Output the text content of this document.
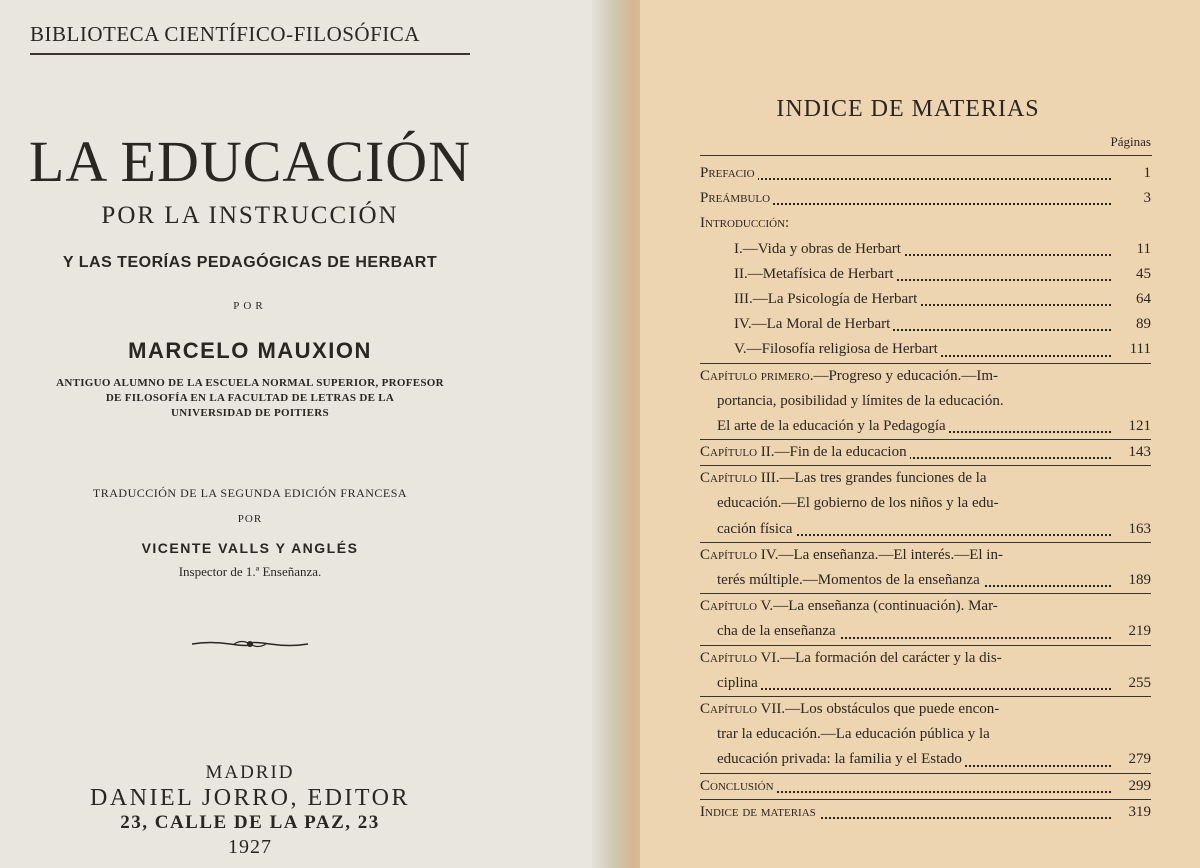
BIBLIOTECA CIENTÍFICO-FILOSÓFICA
LA EDUCACIÓN
POR LA INSTRUCCIÓN
Y LAS TEORÍAS PEDAGÓGICAS DE HERBART
POR
MARCELO MAUXION
ANTIGUO ALUMNO DE LA ESCUELA NORMAL SUPERIOR, PROFESOR
DE FILOSOFÍA EN LA FACULTAD DE LETRAS DE LA
UNIVERSIDAD DE POITIERS
TRADUCCIÓN DE LA SEGUNDA EDICIÓN FRANCESA
POR
VICENTE VALLS Y ANGLÉS
Inspector de 1.ª Enseñanza.
MADRID
DANIEL JORRO, EDITOR
23, CALLE DE LA PAZ, 23
1927
INDICE DE MATERIAS
Páginas
Prefacio	1
Preámbulo	3
Introducción:
I.—Vida y obras de Herbart	11
II.—Metafísica de Herbart	45
III.—La Psicología de Herbart	64
IV.—La Moral de Herbart	89
V.—Filosofía religiosa de Herbart	111
Capítulo primero.—Progreso y educación.—Im-
portancia, posibilidad y límites de la educación.
El arte de la educación y la Pedagogía	121
Capítulo II.—Fin de la educacion	143
Capítulo III.—Las tres grandes funciones de la
educación.—El gobierno de los niños y la edu-
cación física	163
Capítulo IV.—La enseñanza.—El interés.—El in-
terés múltiple.—Momentos de la enseñanza	189
Capítulo V.—La enseñanza (continuación). Mar-
cha de la enseñanza	219
Capítulo VI.—La formación del carácter y la dis-
ciplina	255
Capítulo VII.—Los obstáculos que puede encon-
trar la educación.—La educación pública y la
educación privada: la familia y el Estado	279
Conclusión	299
Indice de materias	319
